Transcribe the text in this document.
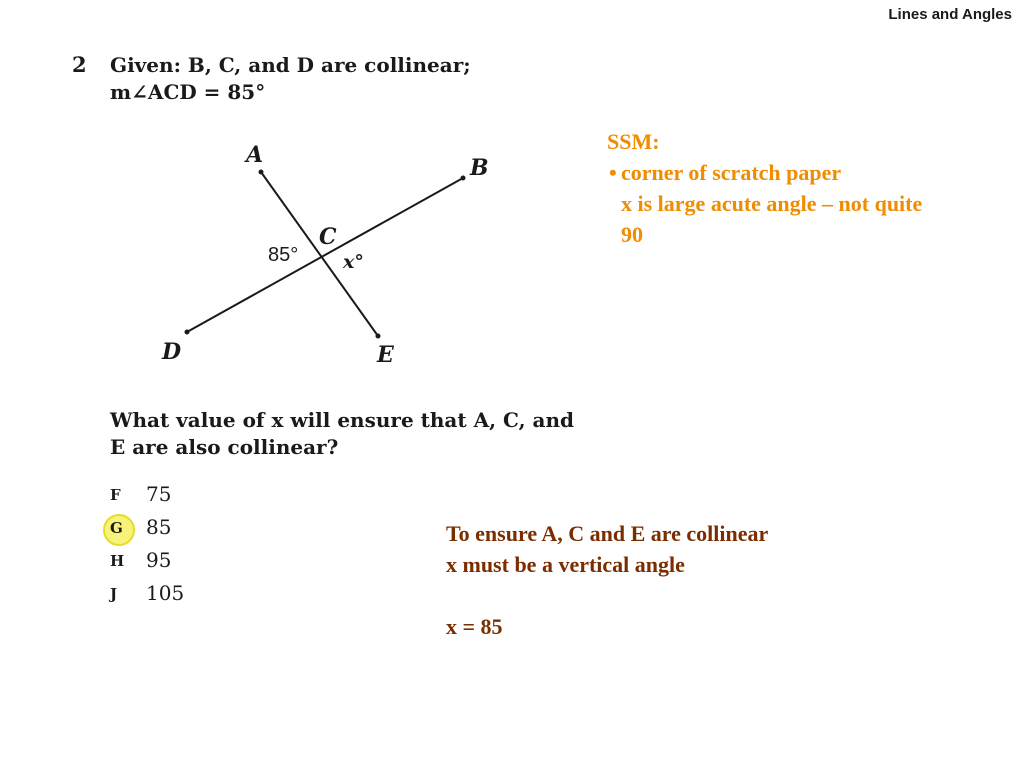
Lines and Angles
2 Given: B, C, and D are collinear;
m∠ACD = 85°
A	B
C
D	E
85° x°
What value of x will ensure that A, C, and E are also collinear?
F 75
G 85
H 95
J 105
SSM:
• corner of scratch paper
x is large acute angle – not quite 90
To ensure A, C and E are collinear
x must be a vertical angle
x = 85
